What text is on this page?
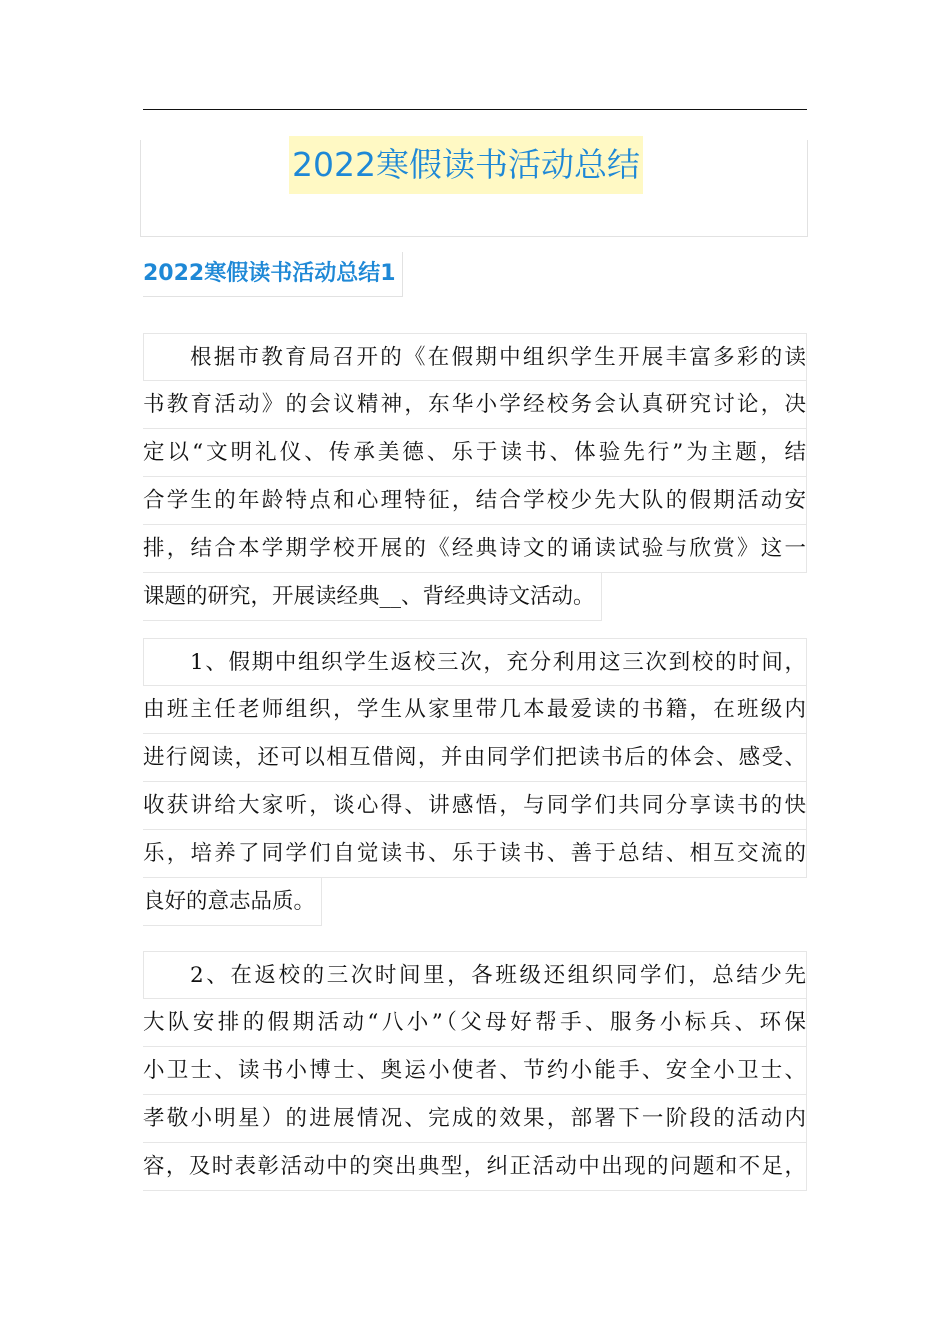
2022寒假读书活动总结
2022寒假读书活动总结1
根据市教育局召开的《在假期中组织学生开展丰富多彩的读
书教育活动》的会议精神，东华小学经校务会认真研究讨论，决
定以“文明礼仪、传承美德、乐于读书、体验先行”为主题，结
合学生的年龄特点和心理特征，结合学校少先大队的假期活动安
排，结合本学期学校开展的《经典诗文的诵读试验与欣赏》这一
课题的研究，开展读经典__、背经典诗文活动。
1、假期中组织学生返校三次，充分利用这三次到校的时间，
由班主任老师组织，学生从家里带几本最爱读的书籍，在班级内
进行阅读，还可以相互借阅，并由同学们把读书后的体会、感受、
收获讲给大家听，谈心得、讲感悟，与同学们共同分享读书的快
乐，培养了同学们自觉读书、乐于读书、善于总结、相互交流的
良好的意志品质。
2、在返校的三次时间里，各班级还组织同学们，总结少先
大队安排的假期活动“八小”（父母好帮手、服务小标兵、环保
小卫士、读书小博士、奥运小使者、节约小能手、安全小卫士、
孝敬小明星）的进展情况、完成的效果，部署下一阶段的活动内
容，及时表彰活动中的突出典型，纠正活动中出现的问题和不足，
